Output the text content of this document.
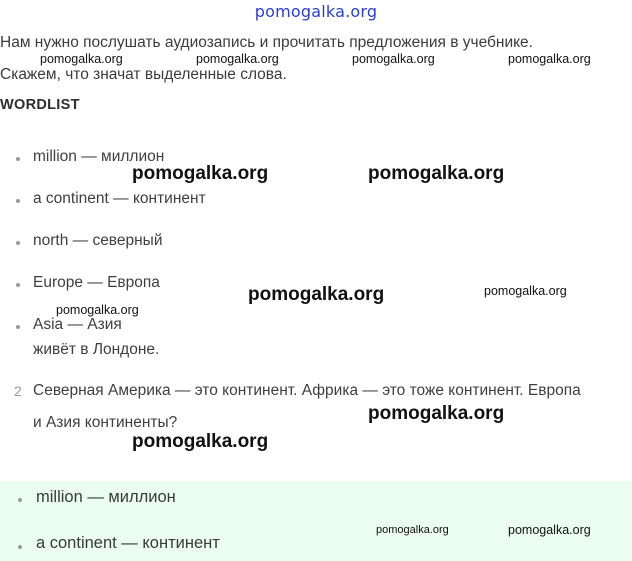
pomogalka.org
Нам нужно послушать аудиозапись и прочитать предложения в учебнике.
Скажем, что значат выделенные слова.
pomogalka.org	pomogalka.org	pomogalka.org	pomogalka.org
WORDLIST
million — миллион
a continent — континент
north — северный
Europe — Европа
Asia — Азия
живёт в Лондоне.
2 Северная Америка — это континент. Африка — это тоже континент. Европа
и Азия континенты?
pomogalka.org	pomogalka.org
pomogalka.org	pomogalka.org
pomogalka.org
pomogalka.org
pomogalka.org
million — миллион
a continent — континент
pomogalka.org	pomogalka.org
